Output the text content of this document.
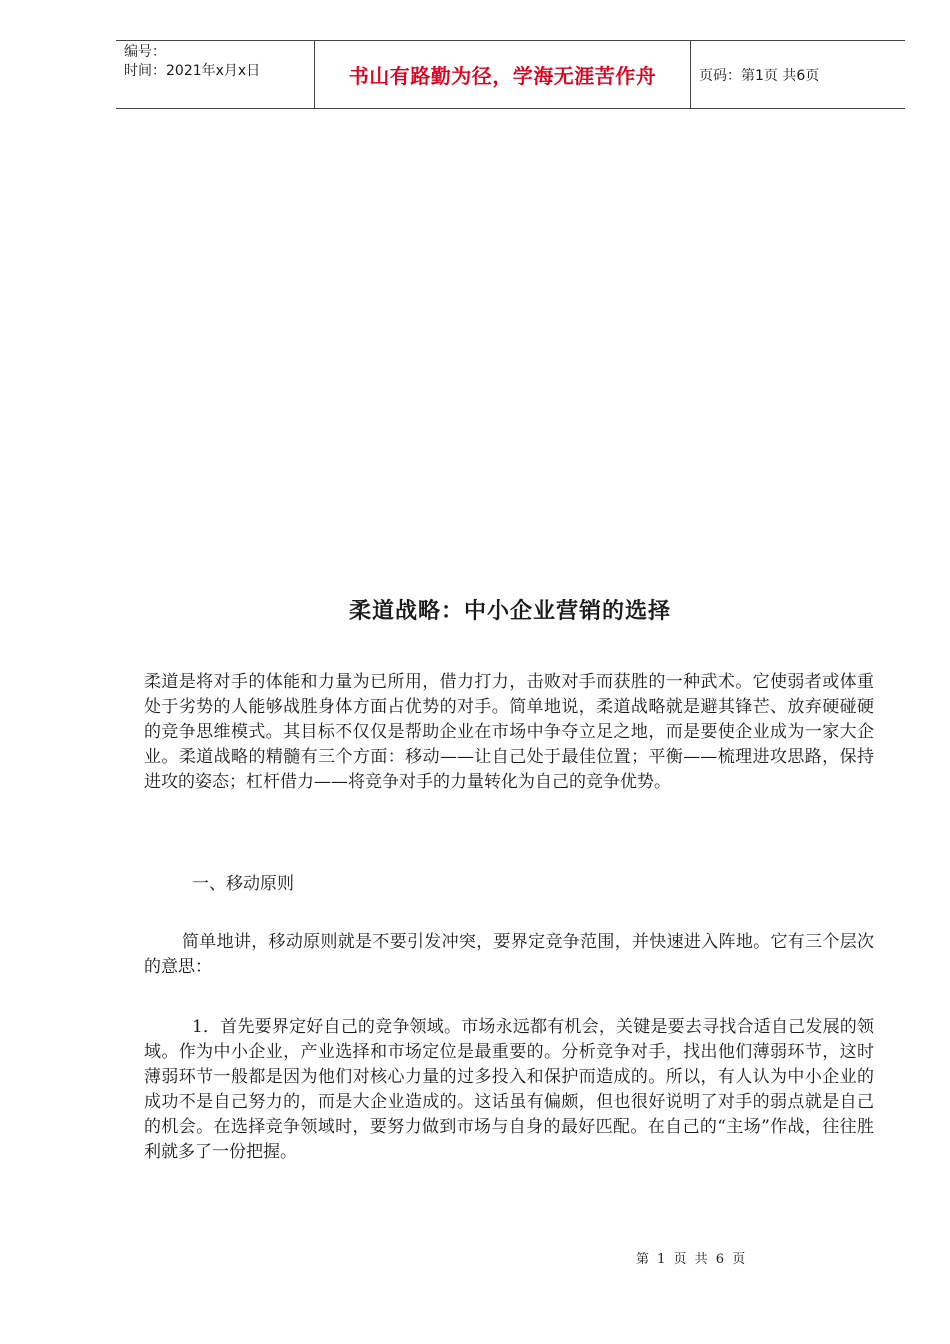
编号：
时间：2021年x月x日	书山有路勤为径，学海无涯苦作舟	页码：第1页 共6页
柔道战略：中小企业营销的选择

柔道是将对手的体能和力量为已所用，借力打力，击败对手而获胜的一种武术。它使弱者或体重处于劣势的人能够战胜身体方面占优势的对手。简单地说，柔道战略就是避其锋芒、放弃硬碰硬的竞争思维模式。其目标不仅仅是帮助企业在市场中争夺立足之地，而是要使企业成为一家大企业。柔道战略的精髓有三个方面：移动——让自己处于最佳位置；平衡——梳理进攻思路，保持进攻的姿态；杠杆借力——将竞争对手的力量转化为自己的竞争优势。

一、移动原则

简单地讲，移动原则就是不要引发冲突，要界定竞争范围，并快速进入阵地。它有三个层次的意思：

1．首先要界定好自己的竞争领域。市场永远都有机会，关键是要去寻找合适自己发展的领域。作为中小企业，产业选择和市场定位是最重要的。分析竞争对手，找出他们薄弱环节，这时薄弱环节一般都是因为他们对核心力量的过多投入和保护而造成的。所以，有人认为中小企业的成功不是自己努力的，而是大企业造成的。这话虽有偏颇，但也很好说明了对手的弱点就是自己的机会。在选择竞争领域时，要努力做到市场与自身的最好匹配。在自己的“主场”作战，往往胜利就多了一份把握。

第 1 页 共 6 页
